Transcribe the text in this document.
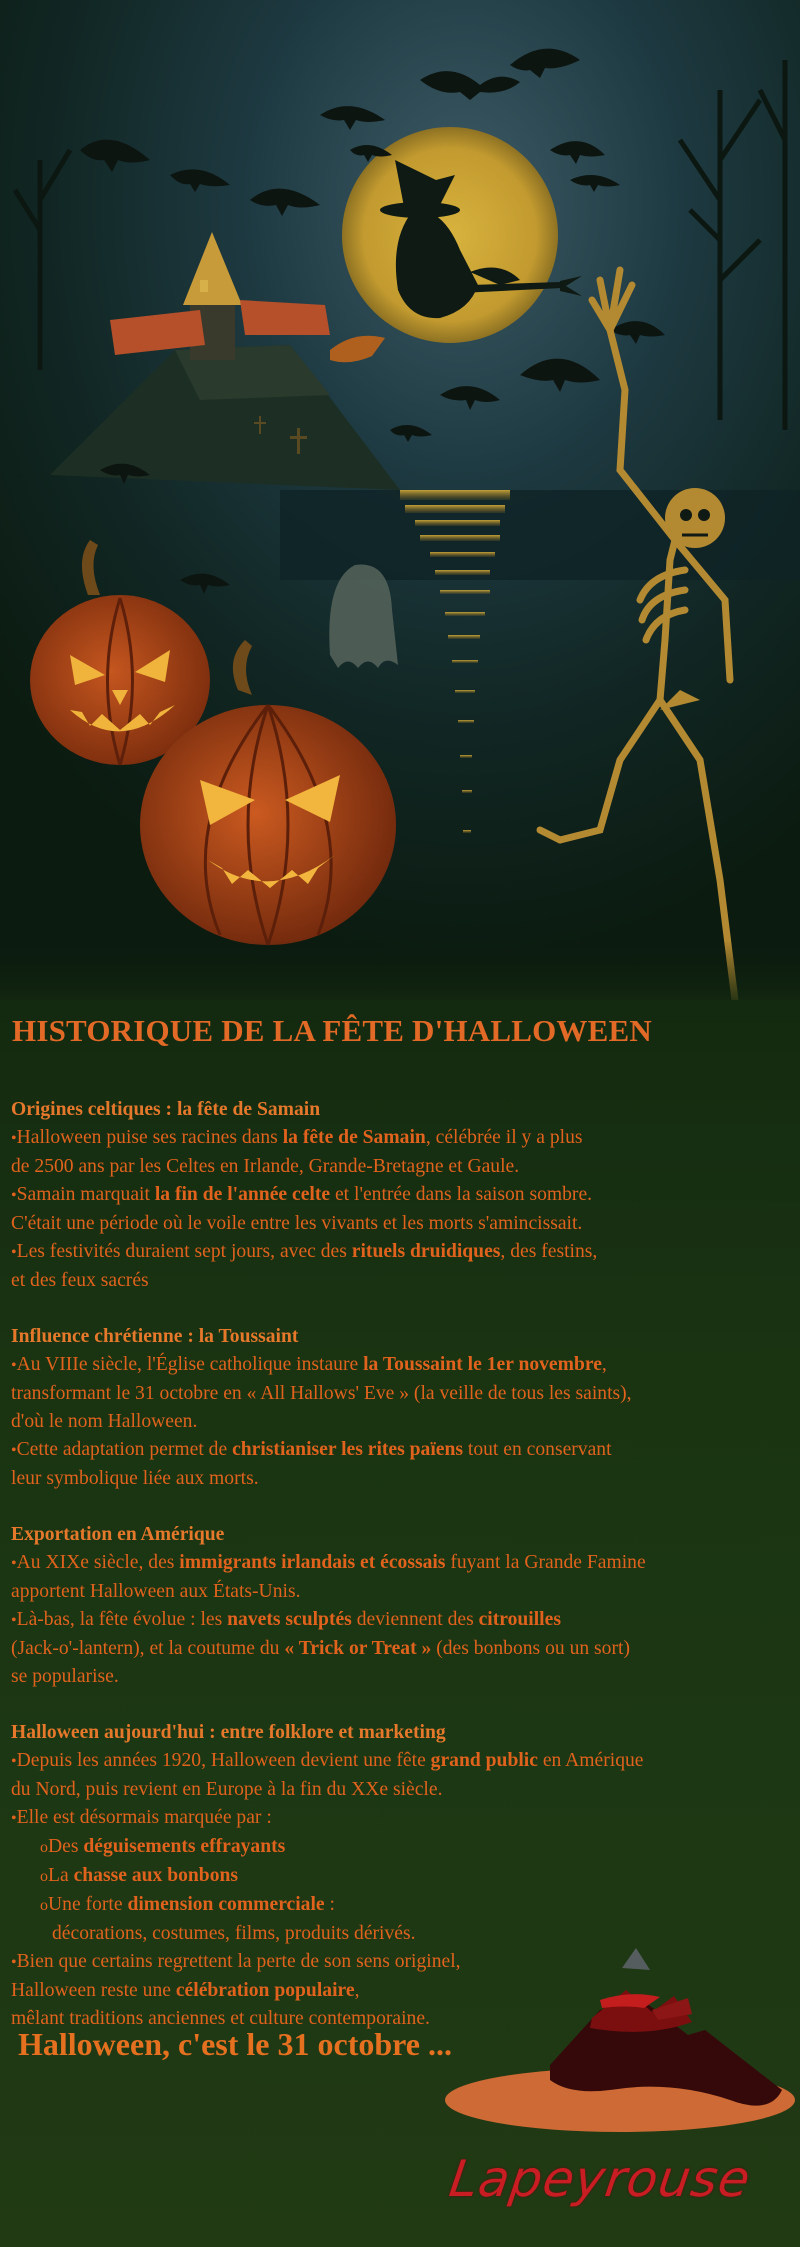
HISTORIQUE DE LA FÊTE D'HALLOWEEN
Origines celtiques : la fête de Samain
•Halloween puise ses racines dans la fête de Samain, célébrée il y a plus
de 2500 ans par les Celtes en Irlande, Grande-Bretagne et Gaule.
•Samain marquait la fin de l'année celte et l'entrée dans la saison sombre.
C'était une période où le voile entre les vivants et les morts s'amincissait.
•Les festivités duraient sept jours, avec des rituels druidiques, des festins,
et des feux sacrés
Influence chrétienne : la Toussaint
•Au VIIIe siècle, l'Église catholique instaure la Toussaint le 1er novembre,
transformant le 31 octobre en « All Hallows' Eve » (la veille de tous les saints),
d'où le nom Halloween.
•Cette adaptation permet de christianiser les rites païens tout en conservant
leur symbolique liée aux morts.
Exportation en Amérique
•Au XIXe siècle, des immigrants irlandais et écossais fuyant la Grande Famine
apportent Halloween aux États-Unis.
•Là-bas, la fête évolue : les navets sculptés deviennent des citrouilles
(Jack-o'-lantern), et la coutume du « Trick or Treat » (des bonbons ou un sort)
se popularise.
Halloween aujourd'hui : entre folklore et marketing
•Depuis les années 1920, Halloween devient une fête grand public en Amérique
du Nord, puis revient en Europe à la fin du XXe siècle.
•Elle est désormais marquée par :
oDes déguisements effrayants
oLa chasse aux bonbons
oUne forte dimension commerciale :
décorations, costumes, films, produits dérivés.
•Bien que certains regrettent la perte de son sens originel,
Halloween reste une célébration populaire,
mêlant traditions anciennes et culture contemporaine.
Halloween, c'est le 31 octobre ...
Lapeyrouse
